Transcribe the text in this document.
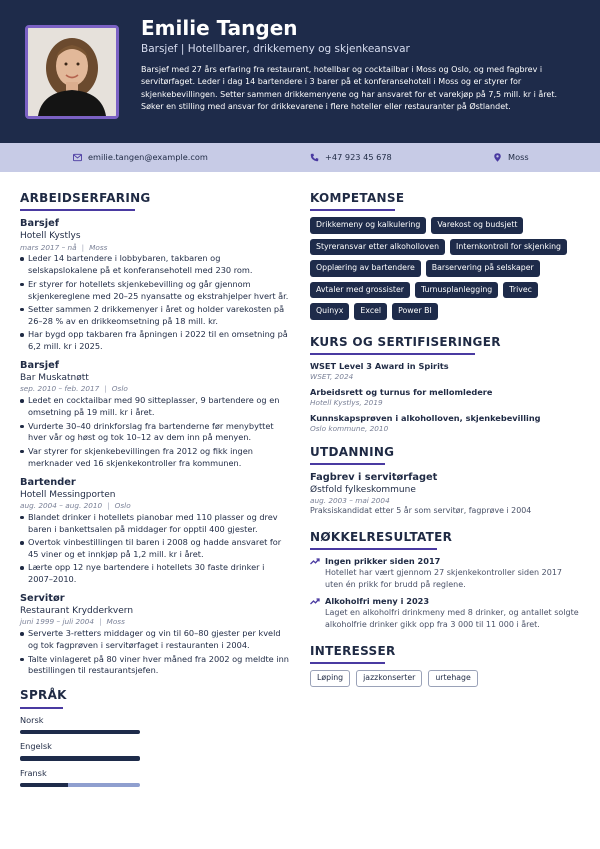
Emilie Tangen
Barsjef | Hotellbarer, drikkemeny og skjenkeansvar
Barsjef med 27 års erfaring fra restaurant, hotellbar og cocktailbar i Moss og Oslo, og med fagbrev i servitørfaget. Leder i dag 14 bartendere i 3 barer på et konferansehotell i Moss og er styrer for skjenkebevillingen. Setter sammen drikkemenyene og har ansvaret for et varekjøp på 7,5 mill. kr i året. Søker en stilling med ansvar for drikkevarene i flere hoteller eller restauranter på Østlandet.
emilie.tangen@example.com	+47 923 45 678	Moss
ARBEIDSERFARING
Barsjef
Hotell Kystlys
mars 2017 – nå | Moss
Leder 14 bartendere i lobbybaren, takbaren og selskapslokalene på et konferansehotell med 230 rom.
Er styrer for hotellets skjenkebevilling og går gjennom skjenkereglene med 20–25 nyansatte og ekstrahjelper hvert år.
Setter sammen 2 drikkemenyer i året og holder varekosten på 26–28 % av en drikkeomsetning på 18 mill. kr.
Har bygd opp takbaren fra åpningen i 2022 til en omsetning på 6,2 mill. kr i 2025.
Barsjef
Bar Muskatnøtt
sep. 2010 – feb. 2017 | Oslo
Ledet en cocktailbar med 90 sitteplasser, 9 bartendere og en omsetning på 19 mill. kr i året.
Vurderte 30–40 drinkforslag fra bartenderne før menybyttet hver vår og høst og tok 10–12 av dem inn på menyen.
Var styrer for skjenkebevillingen fra 2012 og fikk ingen merknader ved 16 skjenkekontroller fra kommunen.
Bartender
Hotell Messingporten
aug. 2004 – aug. 2010 | Oslo
Blandet drinker i hotellets pianobar med 110 plasser og drev baren i bankettsalen på middager for opptil 400 gjester.
Overtok vinbestillingen til baren i 2008 og hadde ansvaret for 45 viner og et innkjøp på 1,2 mill. kr i året.
Lærte opp 12 nye bartendere i hotellets 30 faste drinker i 2007–2010.
Servitør
Restaurant Krydderkvern
juni 1999 – juli 2004 | Moss
Serverte 3-retters middager og vin til 60–80 gjester per kveld og tok fagprøven i servitørfaget i restauranten i 2004.
Talte vinlageret på 80 viner hver måned fra 2002 og meldte inn bestillingen til restaurantsjefen.
SPRÅK
Norsk
Engelsk
Fransk
KOMPETANSE
Drikkemeny og kalkulering	Varekost og budsjett
Styreransvar etter alkoholloven	Internkontroll for skjenking
Opplæring av bartendere	Barservering på selskaper
Avtaler med grossister	Turnusplanlegging	Trivec
Quinyx	Excel	Power BI
KURS OG SERTIFISERINGER
WSET Level 3 Award in Spirits
WSET, 2024
Arbeidsrett og turnus for mellomledere
Hotell Kystlys, 2019
Kunnskapsprøven i alkoholloven, skjenkebevilling
Oslo kommune, 2010
UTDANNING
Fagbrev i servitørfaget
Østfold fylkeskommune
aug. 2003 – mai 2004
Praksiskandidat etter 5 år som servitør, fagprøve i 2004
NØKKELRESULTATER
Ingen prikker siden 2017
Hotellet har vært gjennom 27 skjenkekontroller siden 2017 uten én prikk for brudd på reglene.
Alkoholfri meny i 2023
Laget en alkoholfri drinkmeny med 8 drinker, og antallet solgte alkoholfrie drinker gikk opp fra 3 000 til 11 000 i året.
INTERESSER
Løping	jazzkonserter	urtehage
